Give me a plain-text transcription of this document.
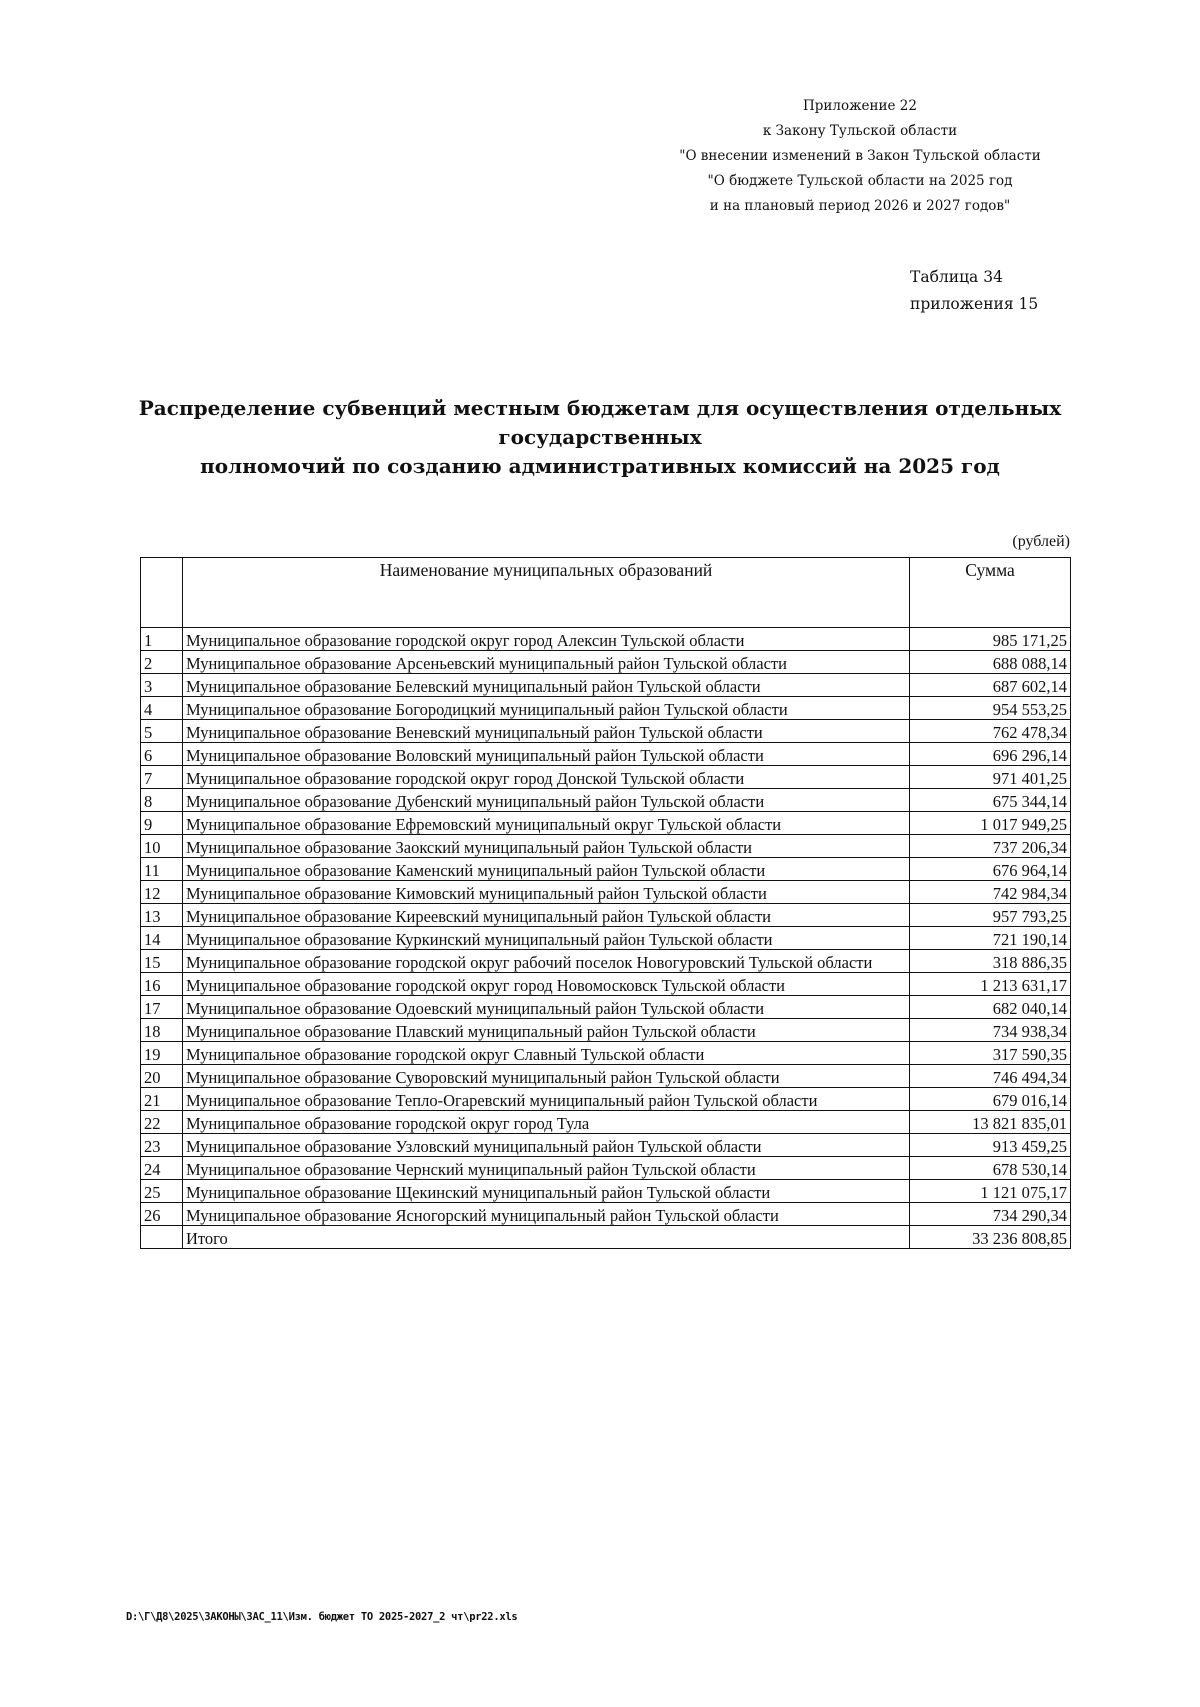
Приложение 22
к Закону Тульской области
"О внесении изменений в Закон Тульской области
"О бюджете Тульской области на 2025 год
и на плановый период 2026 и 2027 годов"
Таблица 34
приложения 15
Распределение субвенций местным бюджетам для осуществления отдельных государственных
полномочий по созданию административных комиссий на 2025 год
(рублей)
	Наименование муниципальных образований	Сумма
1	Муниципальное образование городской округ город Алексин Тульской области	985 171,25
2	Муниципальное образование Арсеньевский муниципальный район Тульской области	688 088,14
3	Муниципальное образование Белевский муниципальный район Тульской области	687 602,14
4	Муниципальное образование Богородицкий муниципальный район Тульской области	954 553,25
5	Муниципальное образование Веневский муниципальный район Тульской области	762 478,34
6	Муниципальное образование Воловский муниципальный район Тульской области	696 296,14
7	Муниципальное образование городской округ город Донской Тульской области	971 401,25
8	Муниципальное образование Дубенский муниципальный район Тульской области	675 344,14
9	Муниципальное образование Ефремовский муниципальный округ Тульской области	1 017 949,25
10	Муниципальное образование Заокский муниципальный район Тульской области	737 206,34
11	Муниципальное образование Каменский муниципальный район Тульской области	676 964,14
12	Муниципальное образование Кимовский муниципальный район Тульской области	742 984,34
13	Муниципальное образование Киреевский муниципальный район Тульской области	957 793,25
14	Муниципальное образование Куркинский муниципальный район Тульской области	721 190,14
15	Муниципальное образование городской округ рабочий поселок Новогуровский Тульской области	318 886,35
16	Муниципальное образование городской округ город Новомосковск Тульской области	1 213 631,17
17	Муниципальное образование Одоевский муниципальный район Тульской области	682 040,14
18	Муниципальное образование Плавский муниципальный район Тульской области	734 938,34
19	Муниципальное образование городской округ Славный Тульской области	317 590,35
20	Муниципальное образование Суворовский муниципальный район Тульской области	746 494,34
21	Муниципальное образование Тепло-Огаревский муниципальный район Тульской области	679 016,14
22	Муниципальное образование городской округ город Тула	13 821 835,01
23	Муниципальное образование Узловский муниципальный район Тульской области	913 459,25
24	Муниципальное образование Чернский муниципальный район Тульской области	678 530,14
25	Муниципальное образование Щекинский муниципальный район Тульской области	1 121 075,17
26	Муниципальное образование Ясногорский муниципальный район Тульской области	734 290,34
	Итого	33 236 808,85
D:\Г\Д8\2025\ЗАКОНЫ\ЗАС_11\Изм. бюджет ТО 2025-2027_2 чт\pr22.xls
